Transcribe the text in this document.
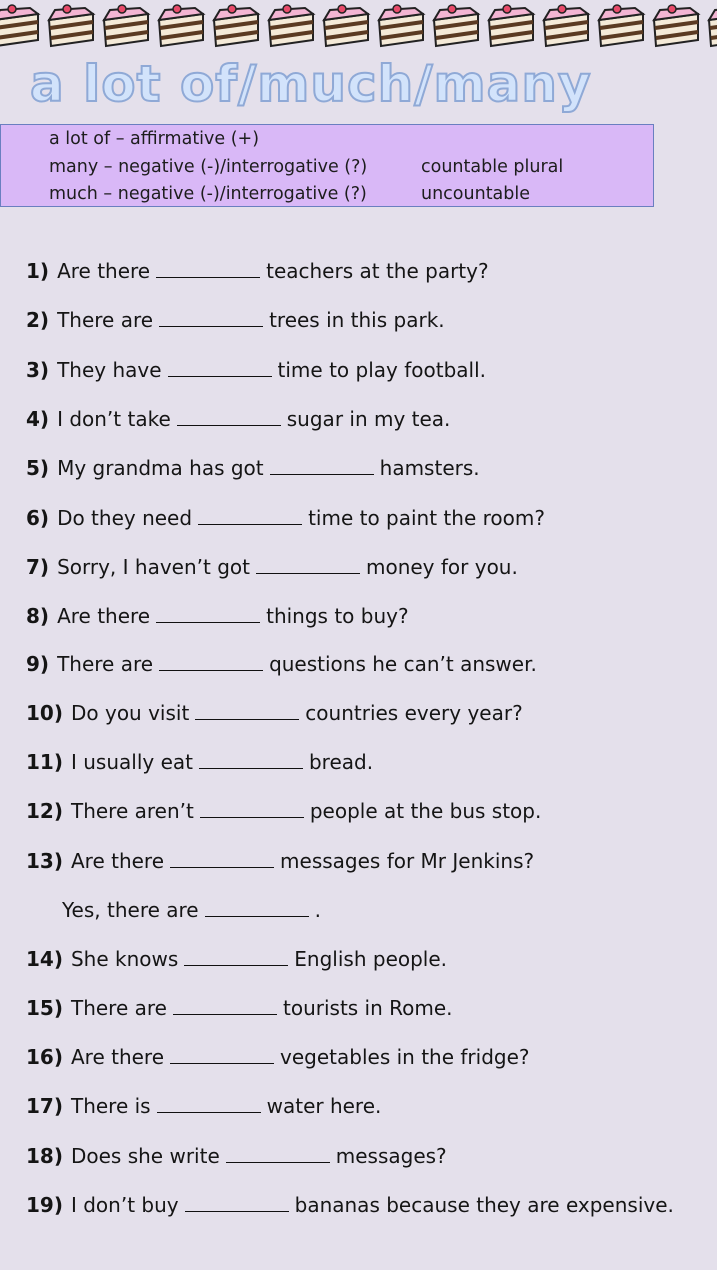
a lot of/much/many
a lot of – affirmative (+)
many – negative (-)/interrogative (?)	countable plural
much – negative (-)/interrogative (?)	uncountable
1) Are there	teachers at the party?
2) There are	trees in this park.
3) They have	time to play football.
4) I don’t take	sugar in my tea.
5) My grandma has got	hamsters.
6) Do they need	time to paint the room?
7) Sorry, I haven’t got	money for you.
8) Are there	things to buy?
9) There are	questions he can’t answer.
10) Do you visit	countries every year?
11) I usually eat	bread.
12) There aren’t	people at the bus stop.
13) Are there	messages for Mr Jenkins?
Yes, there are	.
14) She knows	English people.
15) There are	tourists in Rome.
16) Are there	vegetables in the fridge?
17) There is	water here.
18) Does she write	messages?
19) I don’t buy	bananas because they are expensive.
